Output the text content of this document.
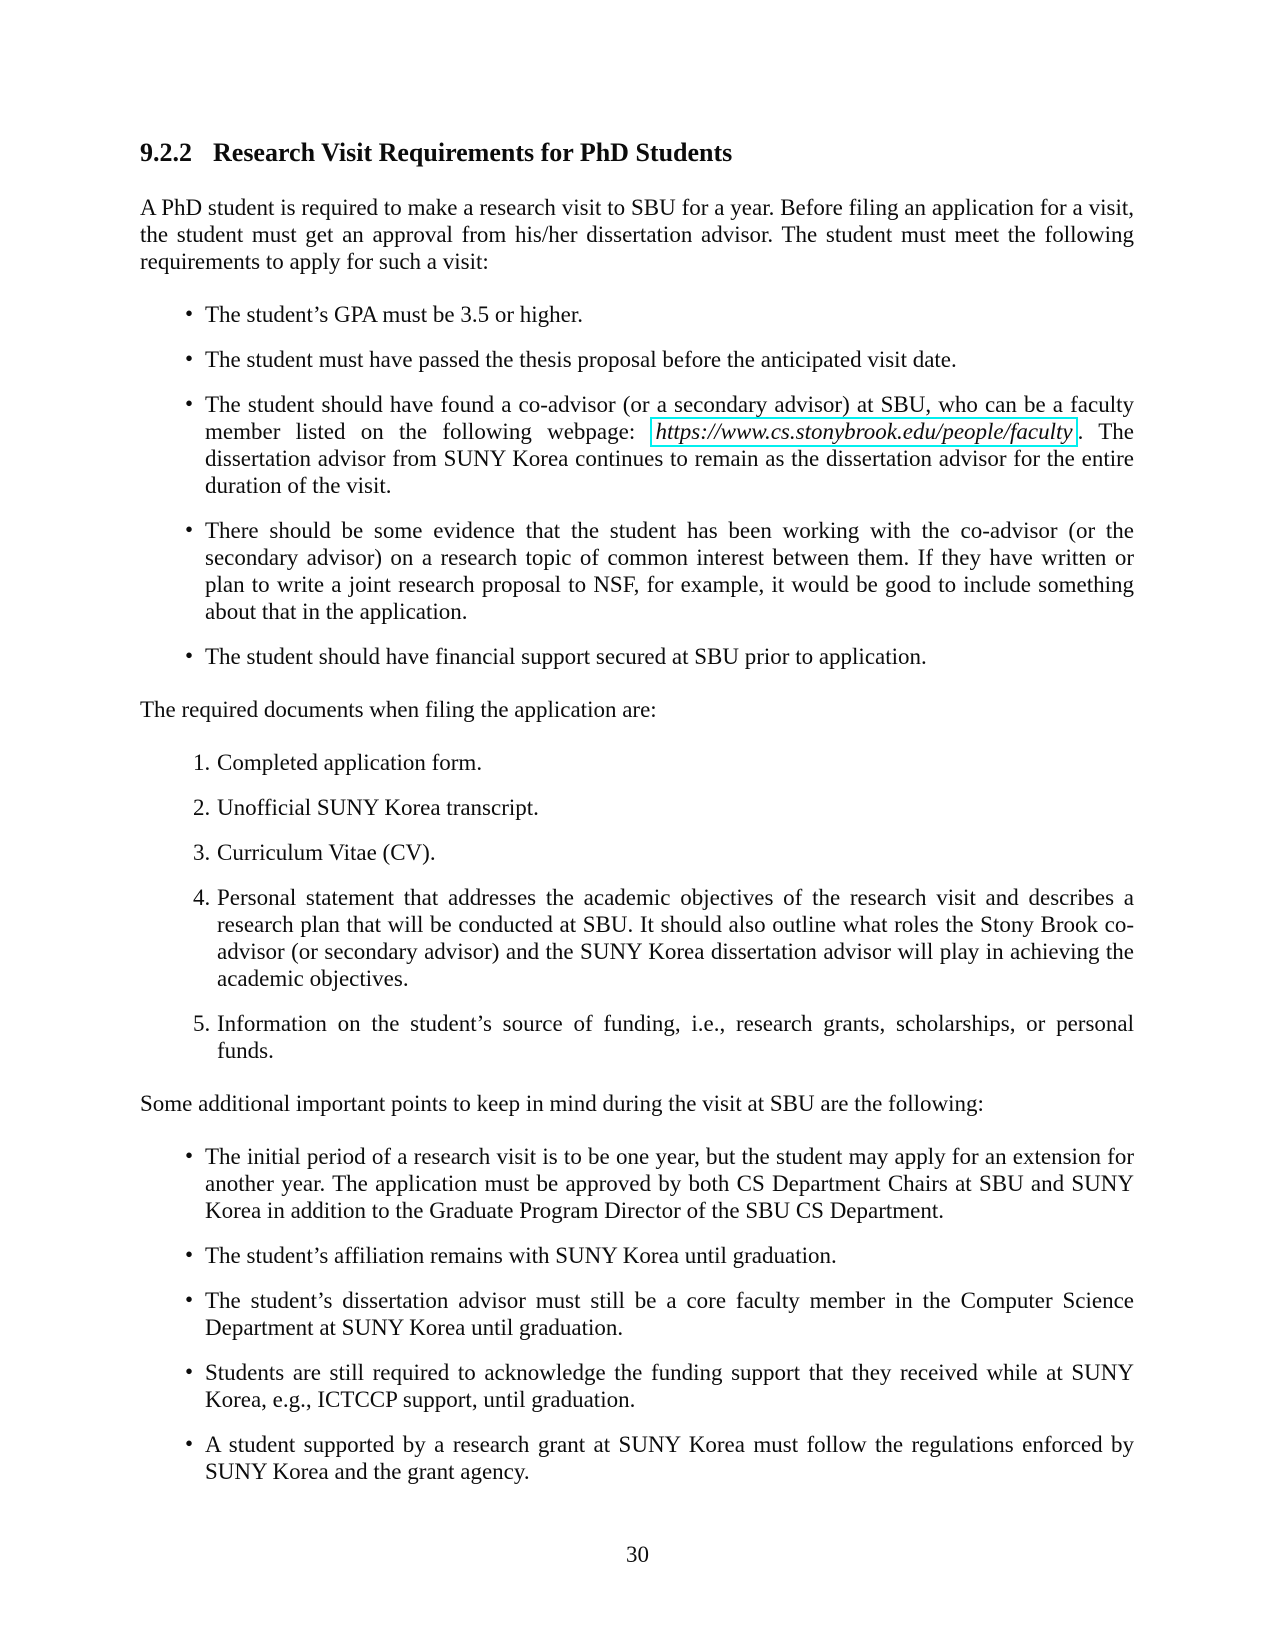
9.2.2 Research Visit Requirements for PhD Students

A PhD student is required to make a research visit to SBU for a year. Before filing an application for a visit, the student must get an approval from his/her dissertation advisor. The student must meet the following requirements to apply for such a visit:

• The student’s GPA must be 3.5 or higher.
• The student must have passed the thesis proposal before the anticipated visit date.
• The student should have found a co-advisor (or a secondary advisor) at SBU, who can be a faculty member listed on the following webpage: https://www.cs.stonybrook.edu/people/faculty . The dissertation advisor from SUNY Korea continues to remain as the dissertation advisor for the entire duration of the visit.
• There should be some evidence that the student has been working with the co-advisor (or the secondary advisor) on a research topic of common interest between them. If they have written or plan to write a joint research proposal to NSF, for example, it would be good to include something about that in the application.
• The student should have financial support secured at SBU prior to application.

The required documents when filing the application are:

1. Completed application form.
2. Unofficial SUNY Korea transcript.
3. Curriculum Vitae (CV).
4. Personal statement that addresses the academic objectives of the research visit and describes a research plan that will be conducted at SBU. It should also outline what roles the Stony Brook co-advisor (or secondary advisor) and the SUNY Korea dissertation advisor will play in achieving the academic objectives.
5. Information on the student’s source of funding, i.e., research grants, scholarships, or personal funds.

Some additional important points to keep in mind during the visit at SBU are the following:

• The initial period of a research visit is to be one year, but the student may apply for an extension for another year. The application must be approved by both CS Department Chairs at SBU and SUNY Korea in addition to the Graduate Program Director of the SBU CS Department.
• The student’s affiliation remains with SUNY Korea until graduation.
• The student’s dissertation advisor must still be a core faculty member in the Computer Science Department at SUNY Korea until graduation.
• Students are still required to acknowledge the funding support that they received while at SUNY Korea, e.g., ICTCCP support, until graduation.
• A student supported by a research grant at SUNY Korea must follow the regulations enforced by SUNY Korea and the grant agency.
30
